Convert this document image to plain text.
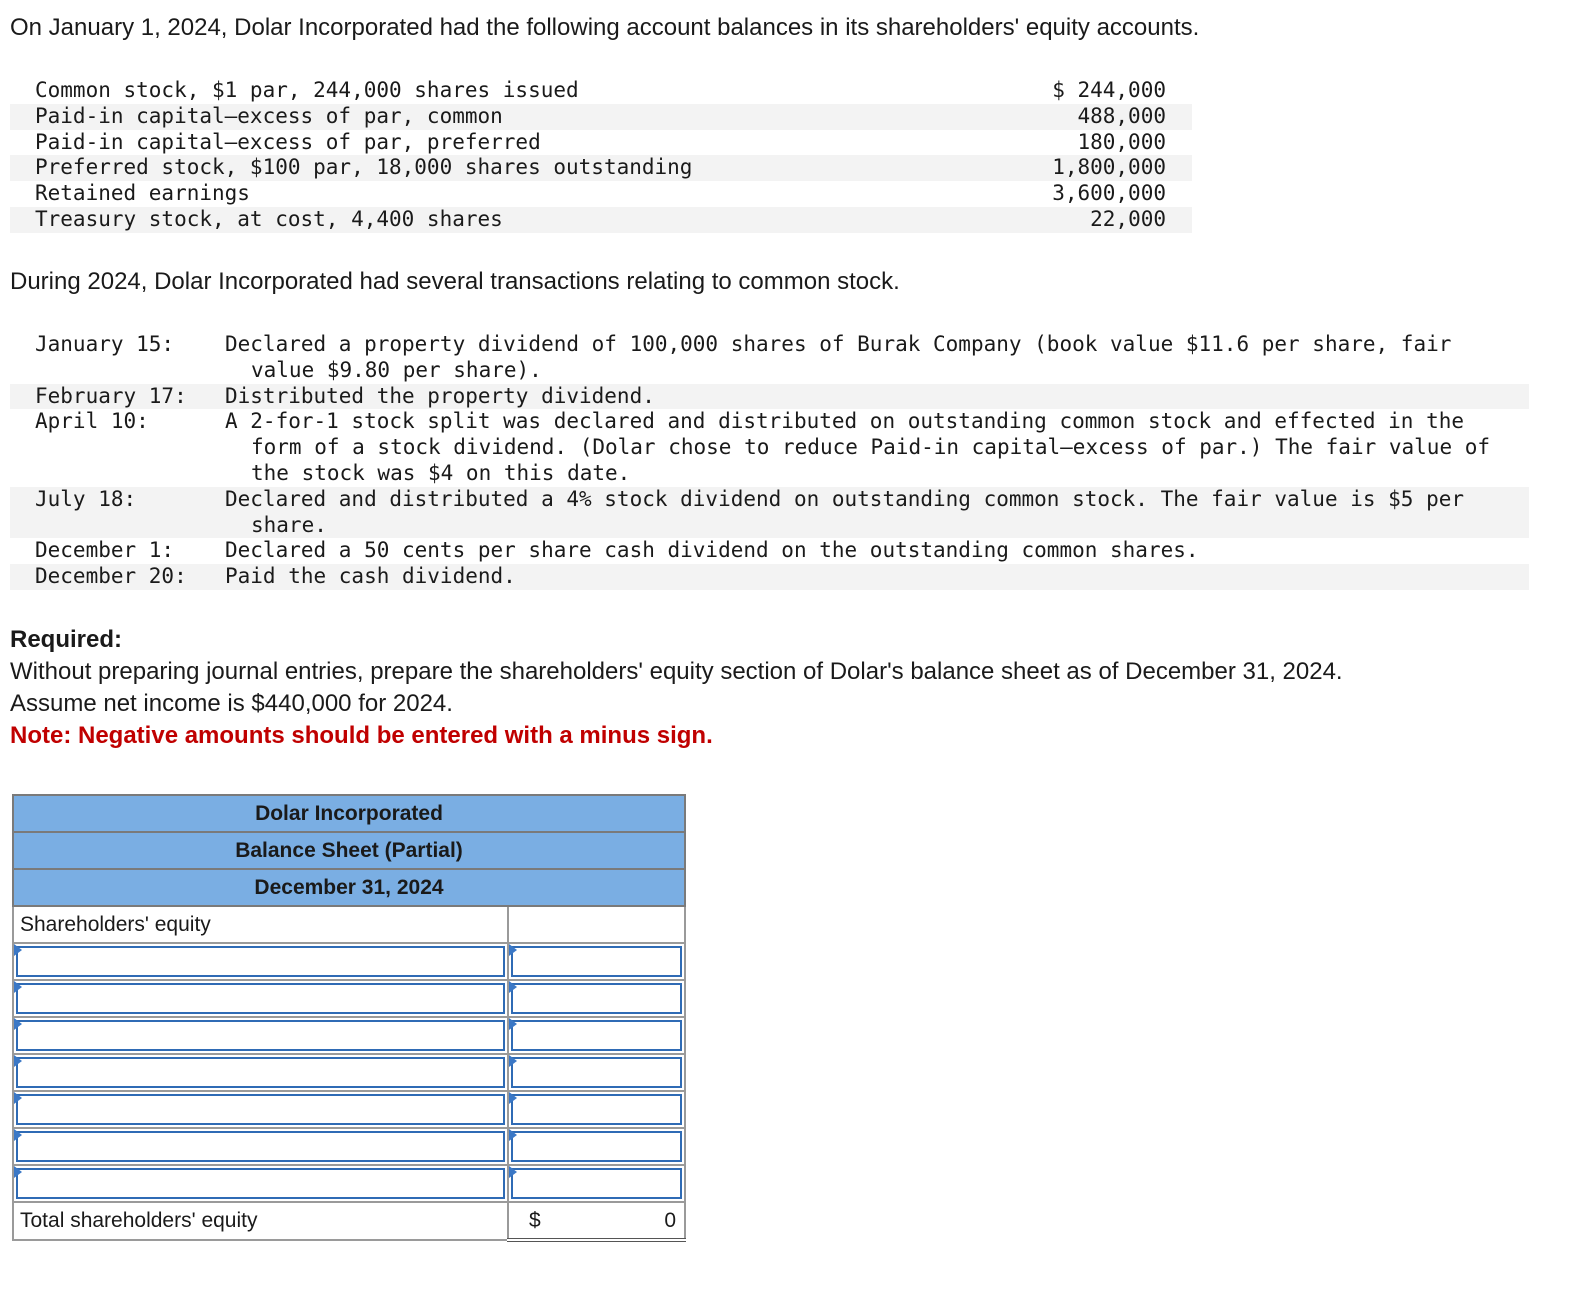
On January 1, 2024, Dolar Incorporated had the following account balances in its shareholders' equity accounts.
Common stock, $1 par, 244,000 shares issued	$ 244,000
Paid-in capital—excess of par, common	488,000
Paid-in capital—excess of par, preferred	180,000
Preferred stock, $100 par, 18,000 shares outstanding	1,800,000
Retained earnings	3,600,000
Treasury stock, at cost, 4,400 shares	22,000
During 2024, Dolar Incorporated had several transactions relating to common stock.
January 15: Declared a property dividend of 100,000 shares of Burak Company (book value $11.6 per share, fair value $9.80 per share).
February 17: Distributed the property dividend.
April 10:	A 2-for-1 stock split was declared and distributed on outstanding common stock and effected in the form of a stock dividend. (Dolar chose to reduce Paid-in capital—excess of par.) The fair value of the stock was $4 on this date.
July 18:	Declared and distributed a 4% stock dividend on outstanding common stock. The fair value is $5 per share.
December 1: Declared a 50 cents per share cash dividend on the outstanding common shares.
December 20: Paid the cash dividend.
Required:
Without preparing journal entries, prepare the shareholders' equity section of Dolar's balance sheet as of December 31, 2024.
Assume net income is $440,000 for 2024.
Note: Negative amounts should be entered with a minus sign.
Dolar Incorporated	
Balance Sheet (Partial)	
December 31, 2024	
Shareholders' equity	

Total shareholders' equity	$ 0
